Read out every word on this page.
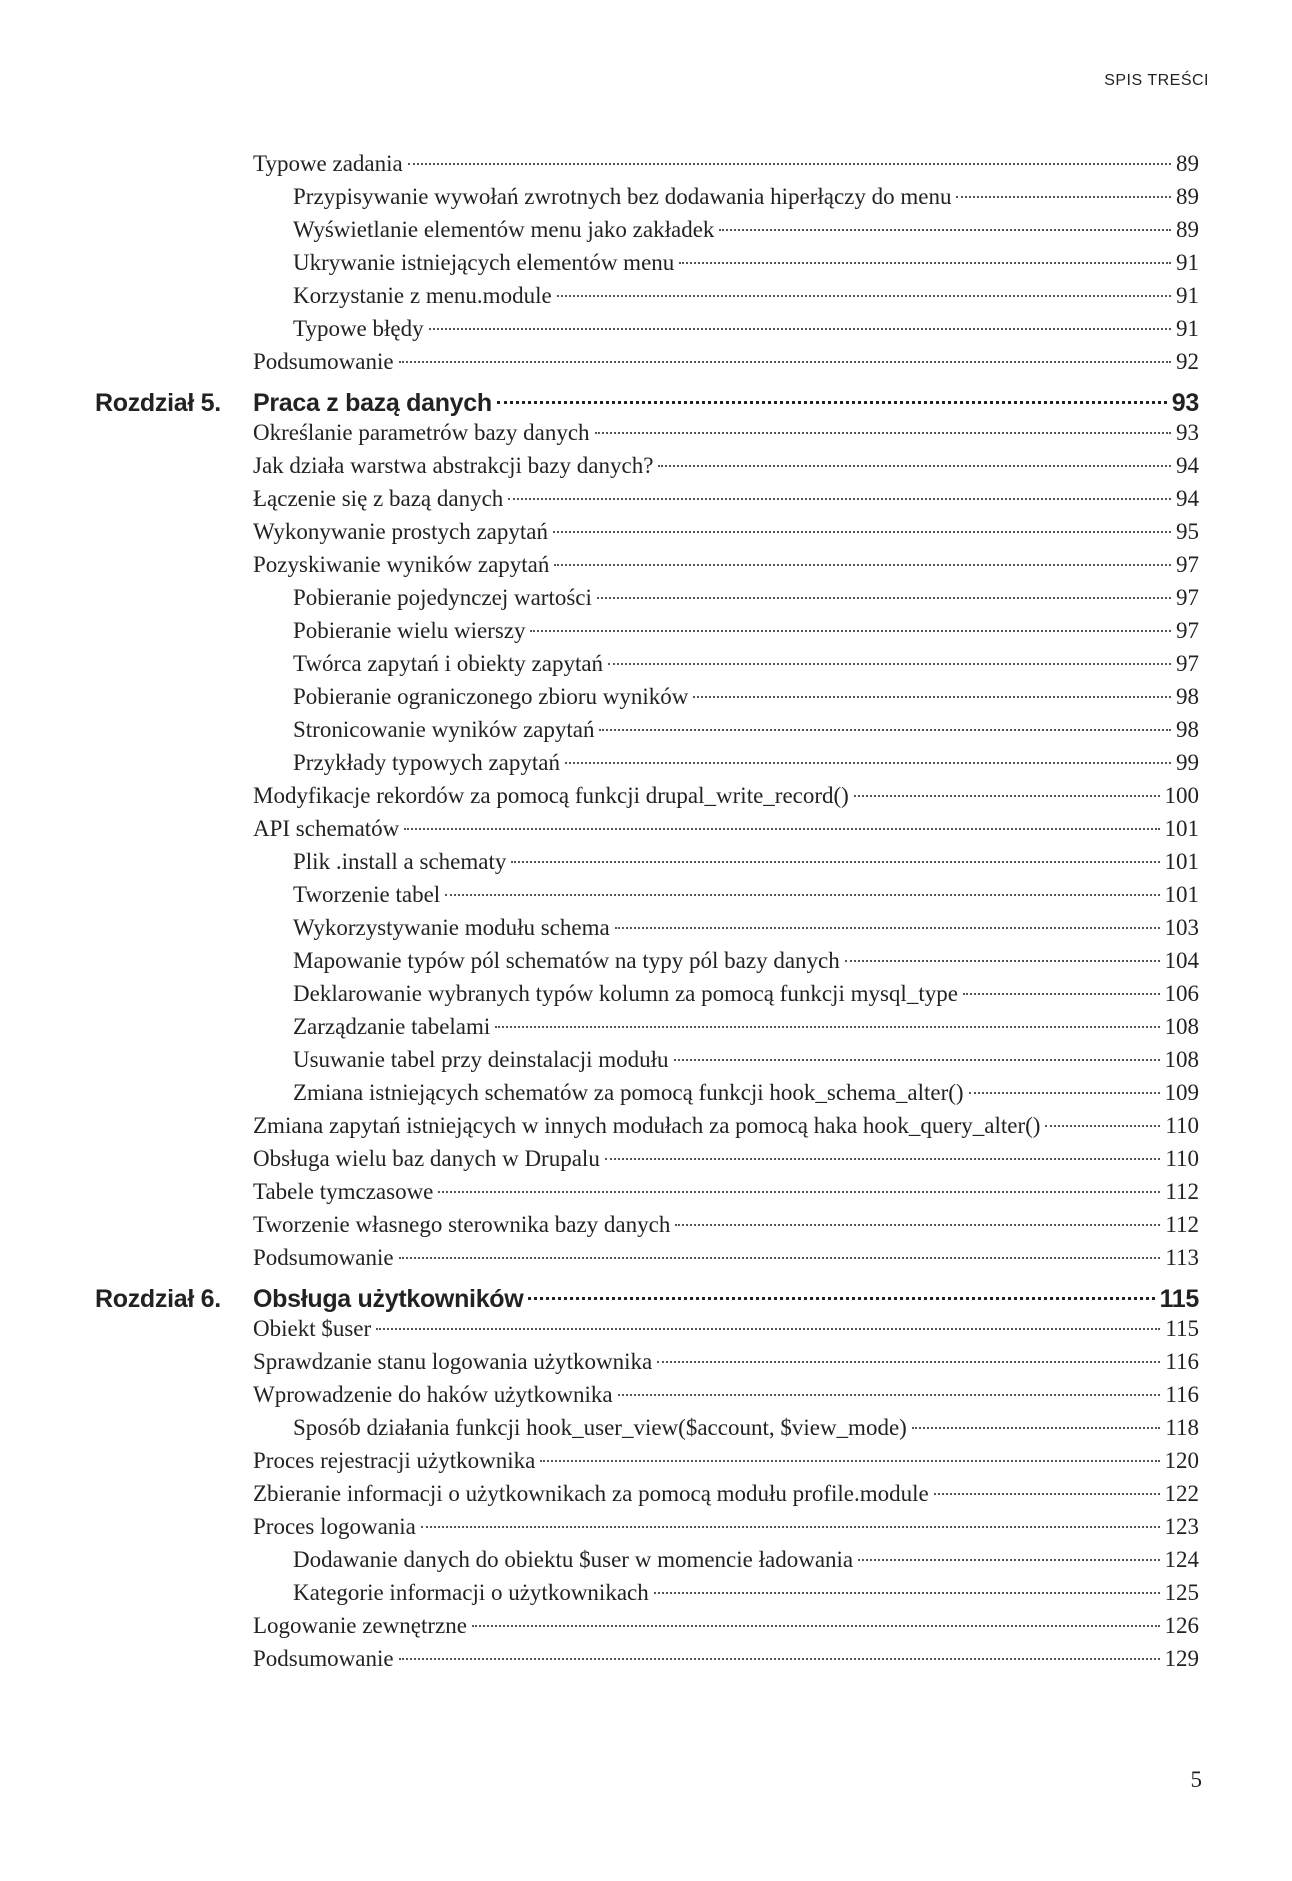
SPIS TREŚCI
Typowe zadania	89
Przypisywanie wywołań zwrotnych bez dodawania hiperłączy do menu	89
Wyświetlanie elementów menu jako zakładek	89
Ukrywanie istniejących elementów menu	91
Korzystanie z menu.module	91
Typowe błędy	91
Podsumowanie	92
Rozdział 5. Praca z bazą danych	93
Określanie parametrów bazy danych	93
Jak działa warstwa abstrakcji bazy danych?	94
Łączenie się z bazą danych	94
Wykonywanie prostych zapytań	95
Pozyskiwanie wyników zapytań	97
Pobieranie pojedynczej wartości	97
Pobieranie wielu wierszy	97
Twórca zapytań i obiekty zapytań	97
Pobieranie ograniczonego zbioru wyników	98
Stronicowanie wyników zapytań	98
Przykłady typowych zapytań	99
Modyfikacje rekordów za pomocą funkcji drupal_write_record()	100
API schematów	101
Plik .install a schematy	101
Tworzenie tabel	101
Wykorzystywanie modułu schema	103
Mapowanie typów pól schematów na typy pól bazy danych	104
Deklarowanie wybranych typów kolumn za pomocą funkcji mysql_type	106
Zarządzanie tabelami	108
Usuwanie tabel przy deinstalacji modułu	108
Zmiana istniejących schematów za pomocą funkcji hook_schema_alter()	109
Zmiana zapytań istniejących w innych modułach za pomocą haka hook_query_alter()	110
Obsługa wielu baz danych w Drupalu	110
Tabele tymczasowe	112
Tworzenie własnego sterownika bazy danych	112
Podsumowanie	113
Rozdział 6. Obsługa użytkowników	115
Obiekt $user	115
Sprawdzanie stanu logowania użytkownika	116
Wprowadzenie do haków użytkownika	116
Sposób działania funkcji hook_user_view($account, $view_mode)	118
Proces rejestracji użytkownika	120
Zbieranie informacji o użytkownikach za pomocą modułu profile.module	122
Proces logowania	123
Dodawanie danych do obiektu $user w momencie ładowania	124
Kategorie informacji o użytkownikach	125
Logowanie zewnętrzne	126
Podsumowanie	129
5
